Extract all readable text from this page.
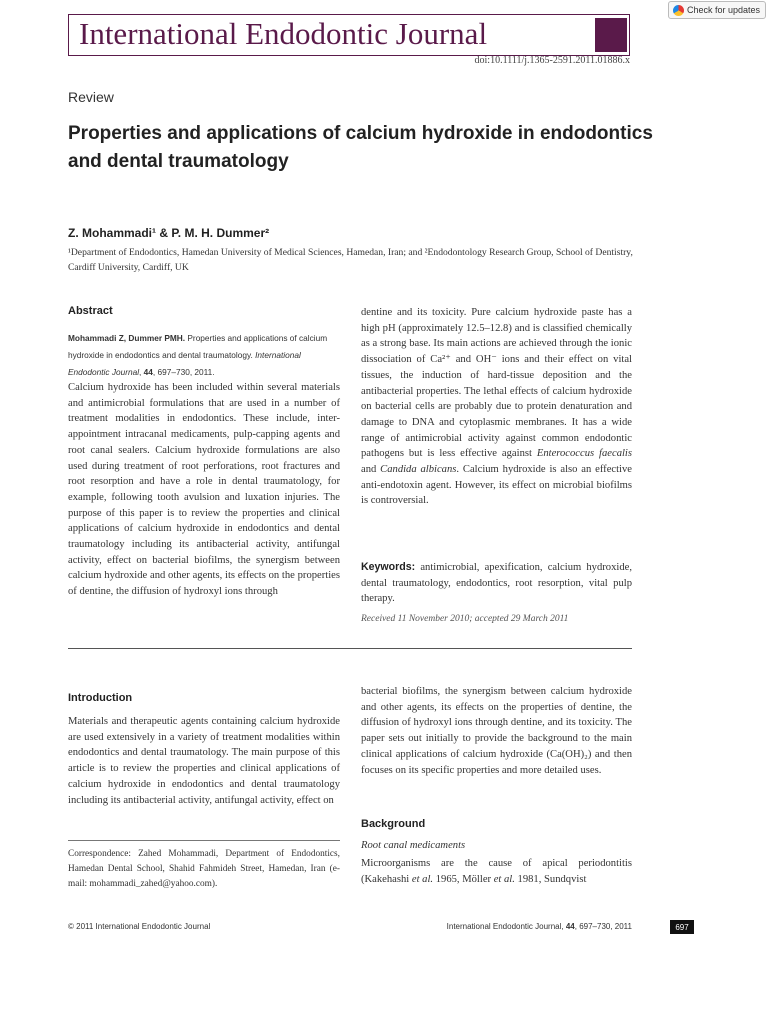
International Endodontic Journal
doi:10.1111/j.1365-2591.2011.01886.x
Check for updates
Review
Properties and applications of calcium hydroxide in endodontics and dental traumatology
Z. Mohammadi¹ & P. M. H. Dummer²
¹Department of Endodontics, Hamedan University of Medical Sciences, Hamedan, Iran; and ²Endodontology Research Group, School of Dentistry, Cardiff University, Cardiff, UK
Abstract
Mohammadi Z, Dummer PMH. Properties and applications of calcium hydroxide in endodontics and dental traumatology. International Endodontic Journal, 44, 697–730, 2011.

Calcium hydroxide has been included within several materials and antimicrobial formulations that are used in a number of treatment modalities in endodontics. These include, inter-appointment intracanal medicaments, pulp-capping agents and root canal sealers. Calcium hydroxide formulations are also used during treatment of root perforations, root fractures and root resorption and have a role in dental traumatology, for example, following tooth avulsion and luxation injuries. The purpose of this paper is to review the properties and clinical applications of calcium hydroxide in endodontics and dental traumatology including its antibacterial activity, antifungal activity, effect on bacterial biofilms, the synergism between calcium hydroxide and other agents, its effects on the properties of dentine, the diffusion of hydroxyl ions through

dentine and its toxicity. Pure calcium hydroxide paste has a high pH (approximately 12.5–12.8) and is classified chemically as a strong base. Its main actions are achieved through the ionic dissociation of Ca²⁺ and OH⁻ ions and their effect on vital tissues, the induction of hard-tissue deposition and the antibacterial properties. The lethal effects of calcium hydroxide on bacterial cells are probably due to protein denaturation and damage to DNA and cytoplasmic membranes. It has a wide range of antimicrobial activity against common endodontic pathogens but is less effective against Enterococcus faecalis and Candida albicans. Calcium hydroxide is also an effective anti-endotoxin agent. However, its effect on microbial biofilms is controversial.

Keywords: antimicrobial, apexification, calcium hydroxide, dental traumatology, endodontics, root resorption, vital pulp therapy.
Received 11 November 2010; accepted 29 March 2011
Introduction

Materials and therapeutic agents containing calcium hydroxide are used extensively in a variety of treatment modalities within endodontics and dental traumatology. The main purpose of this article is to review the properties and clinical applications of calcium hydroxide in endodontics and dental traumatology including its antibacterial activity, antifungal activity, effect on

bacterial biofilms, the synergism between calcium hydroxide and other agents, its effects on the properties of dentine, the diffusion of hydroxyl ions through dentine, and its toxicity. The paper sets out initially to provide the background to the main clinical applications of calcium hydroxide (Ca(OH)₂) and then focuses on its specific properties and more detailed uses.

Background
Root canal medicaments

Microorganisms are the cause of apical periodontitis (Kakehashi et al. 1965, Möller et al. 1981, Sundqvist

Correspondence: Zahed Mohammadi, Department of Endodontics, Hamedan Dental School, Shahid Fahmideh Street, Hamedan, Iran (e-mail: mohammadi_zahed@yahoo.com).
© 2011 International Endodontic Journal	International Endodontic Journal, 44, 697–730, 2011	697
